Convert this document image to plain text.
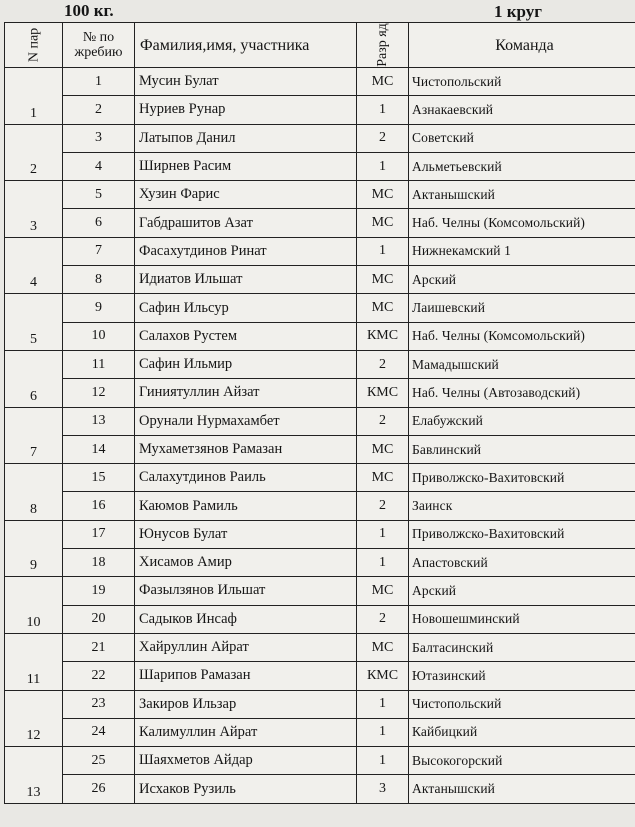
100 кг.	1 круг
N пар	№ по жребию	Фамилия,имя, участника	Разр яд	Команда
1	1	Мусин Булат	МС	Чистопольский
	2	Нуриев Рунар	1	Азнакаевский
2	3	Латыпов Данил	2	Советский
	4	Ширнев Расим	1	Альметьевский
3	5	Хузин Фарис	МС	Актанышский
	6	Габдрашитов Азат	МС	Наб. Челны (Комсомольский)
4	7	Фасахутдинов Ринат	1	Нижнекамский 1
	8	Идиатов Ильшат	МС	Арский
5	9	Сафин Ильсур	МС	Лаишевский
	10	Салахов Рустем	КМС	Наб. Челны (Комсомольский)
6	11	Сафин Ильмир	2	Мамадышский
	12	Гиниятуллин Айзат	КМС	Наб. Челны (Автозаводский)
7	13	Орунали Нурмахамбет	2	Елабужский
	14	Мухаметзянов Рамазан	МС	Бавлинский
8	15	Салахутдинов Раиль	МС	Приволжско-Вахитовский
	16	Каюмов Рамиль	2	Заинск
9	17	Юнусов Булат	1	Приволжско-Вахитовский
	18	Хисамов Амир	1	Апастовский
10	19	Фазылзянов Ильшат	МС	Арский
	20	Садыков Инсаф	2	Новошешминский
11	21	Хайруллин Айрат	МС	Балтасинский
	22	Шарипов Рамазан	КМС	Ютазинский
12	23	Закиров Ильзар	1	Чистопольский
	24	Калимуллин Айрат	1	Кайбицкий
13	25	Шаяхметов Айдар	1	Высокогорский
	26	Исхаков Рузиль	3	Актанышский
